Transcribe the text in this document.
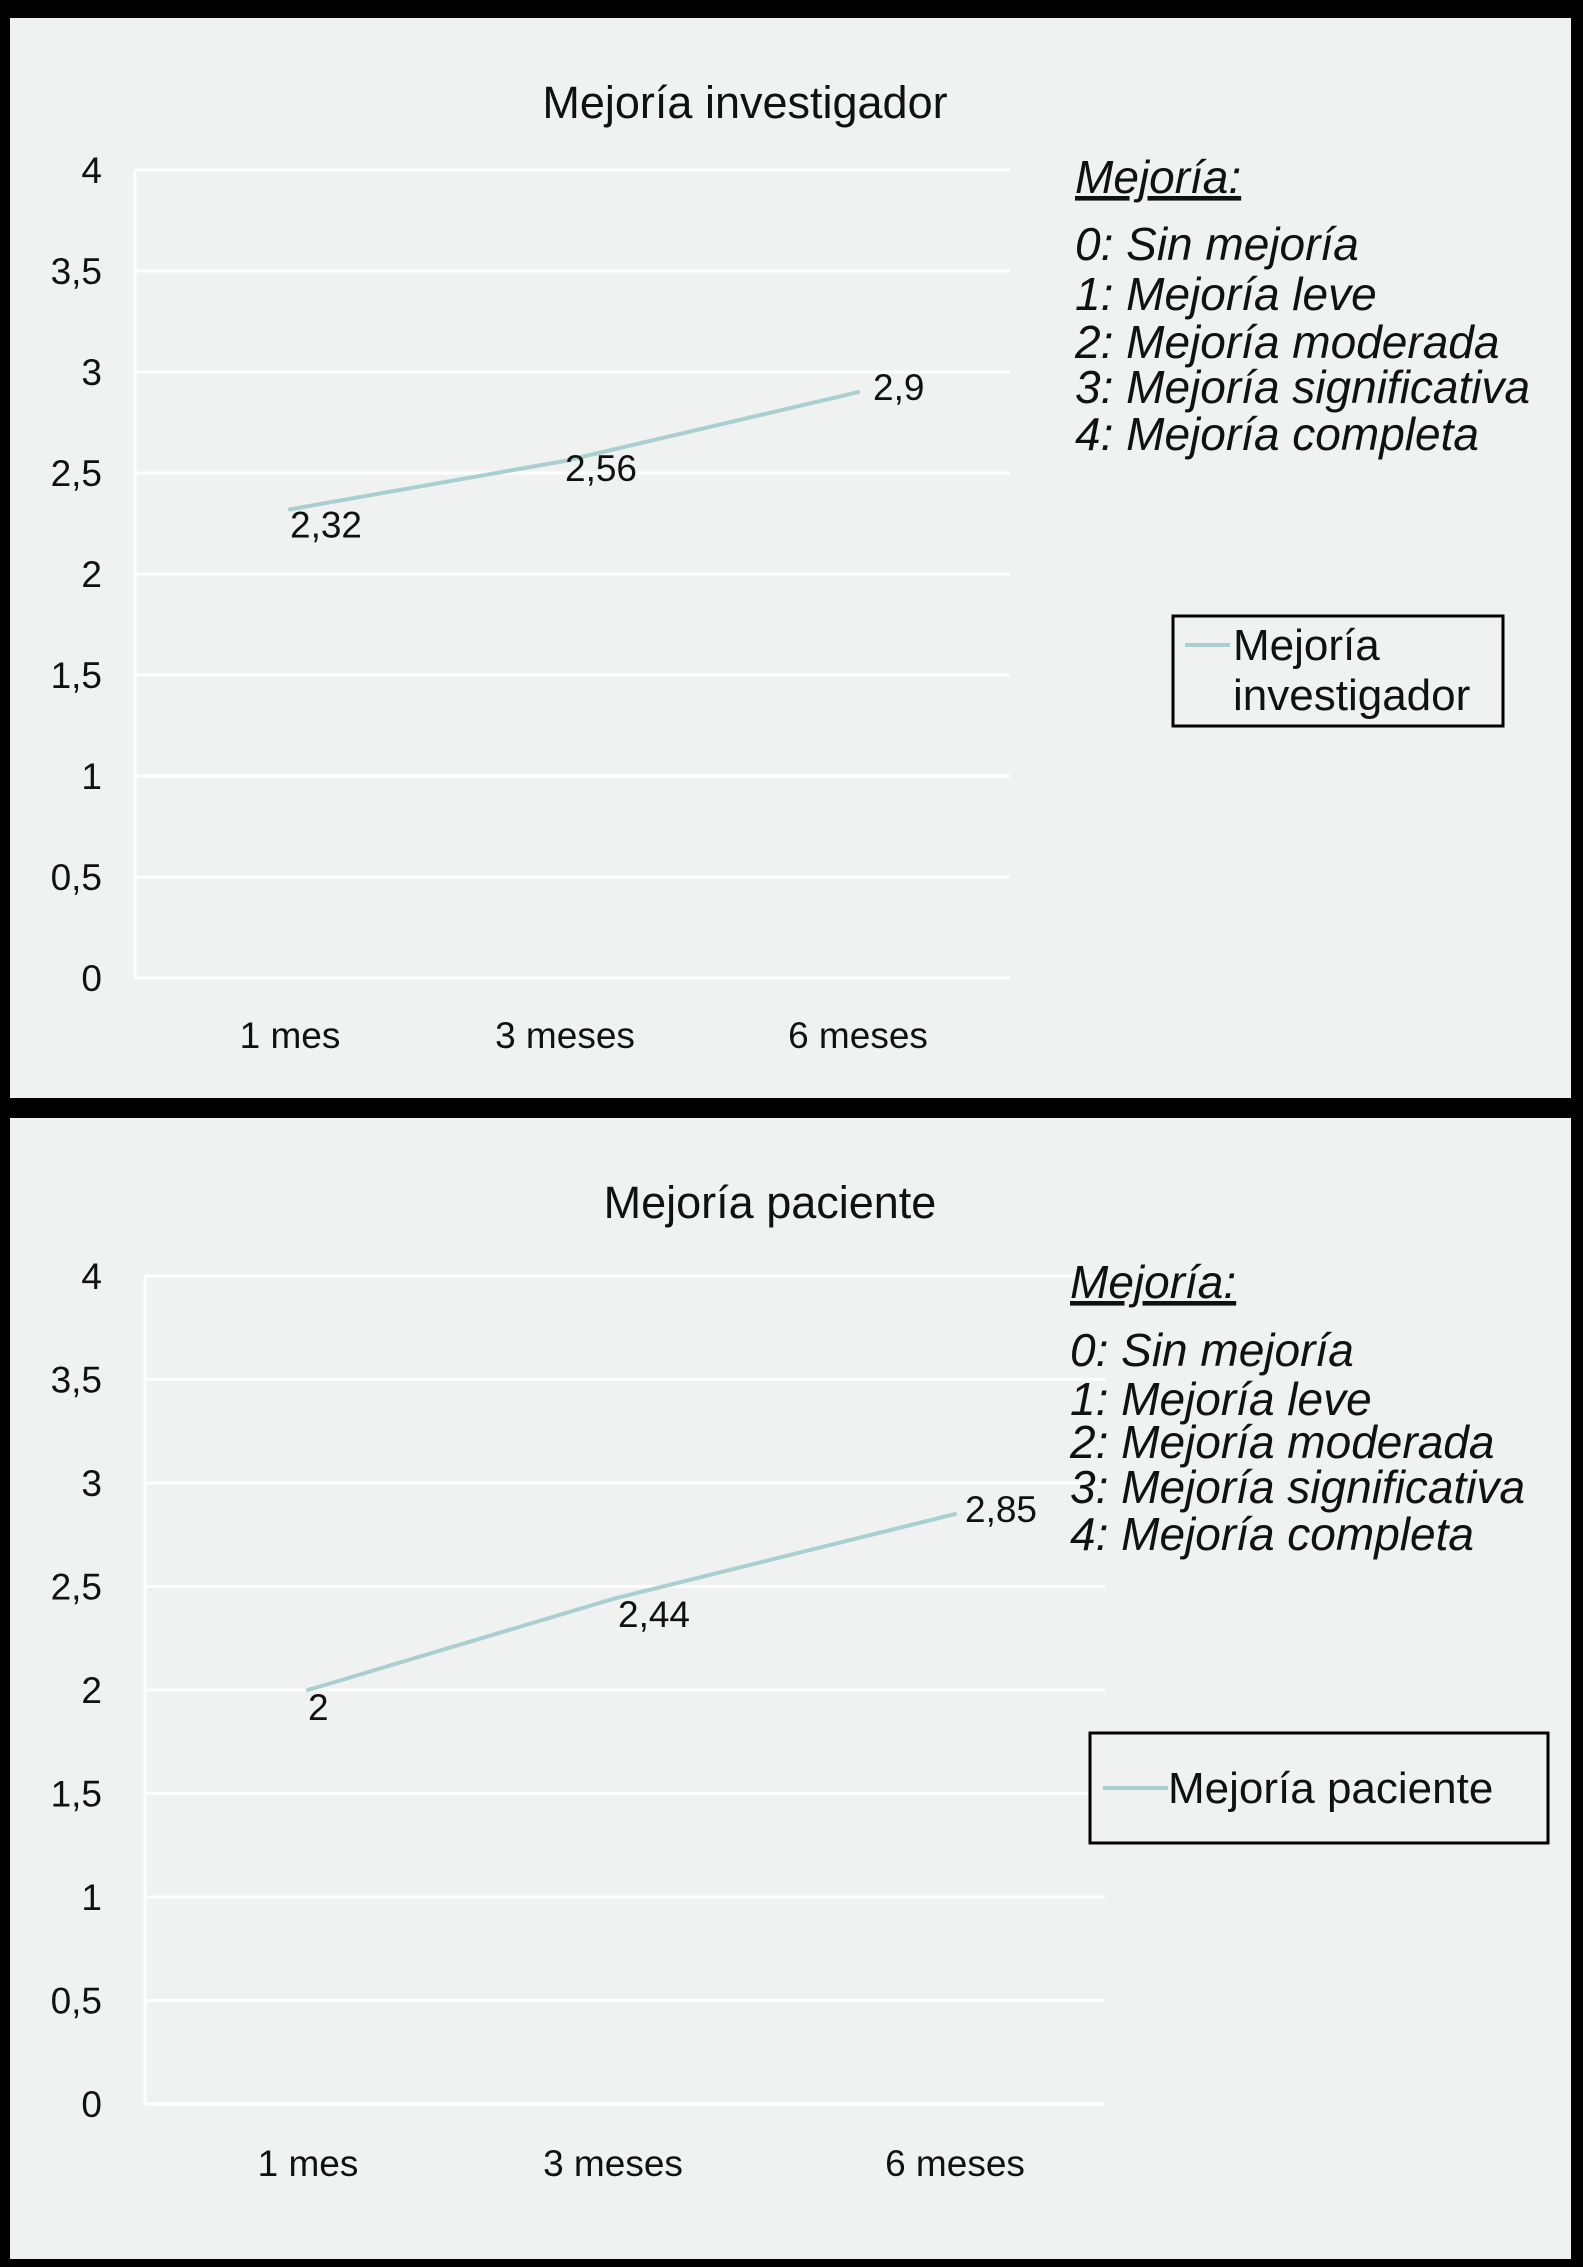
Mejoría investigador
0
0,5
1
1,5
2
2,5
3
3,5
4
1 mes	3 meses	6 meses
2,32
2,56
2,9
Mejoría:
0: Sin mejoría
1: Mejoría leve
2: Mejoría moderada
3: Mejoría significativa
4: Mejoría completa
Mejoría
investigador
Mejoría paciente
0
0,5
1
1,5
2
2,5
3
3,5
4
1 mes	3 meses	6 meses
2
2,44
2,85
Mejoría:
0: Sin mejoría
1: Mejoría leve
2: Mejoría moderada
3: Mejoría significativa
4: Mejoría completa
Mejoría paciente
